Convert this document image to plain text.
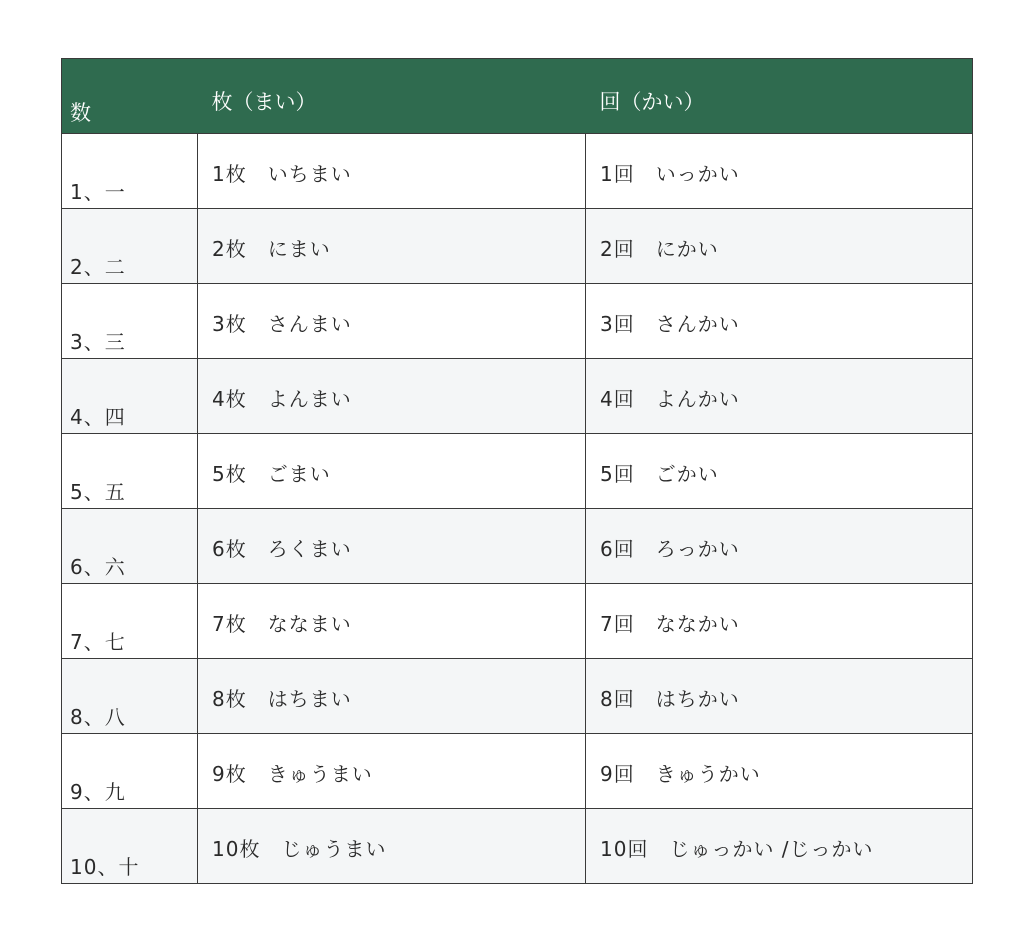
数	枚（まい）	回（かい）
1、一	1枚　いちまい	1回　いっかい
2、二	2枚　にまい	2回　にかい
3、三	3枚　さんまい	3回　さんかい
4、四	4枚　よんまい	4回　よんかい
5、五	5枚　ごまい	5回　ごかい
6、六	6枚　ろくまい	6回　ろっかい
7、七	7枚　ななまい	7回　ななかい
8、八	8枚　はちまい	8回　はちかい
9、九	9枚　きゅうまい	9回　きゅうかい
10、十	10枚　じゅうまい	10回　じゅっかい /じっかい
